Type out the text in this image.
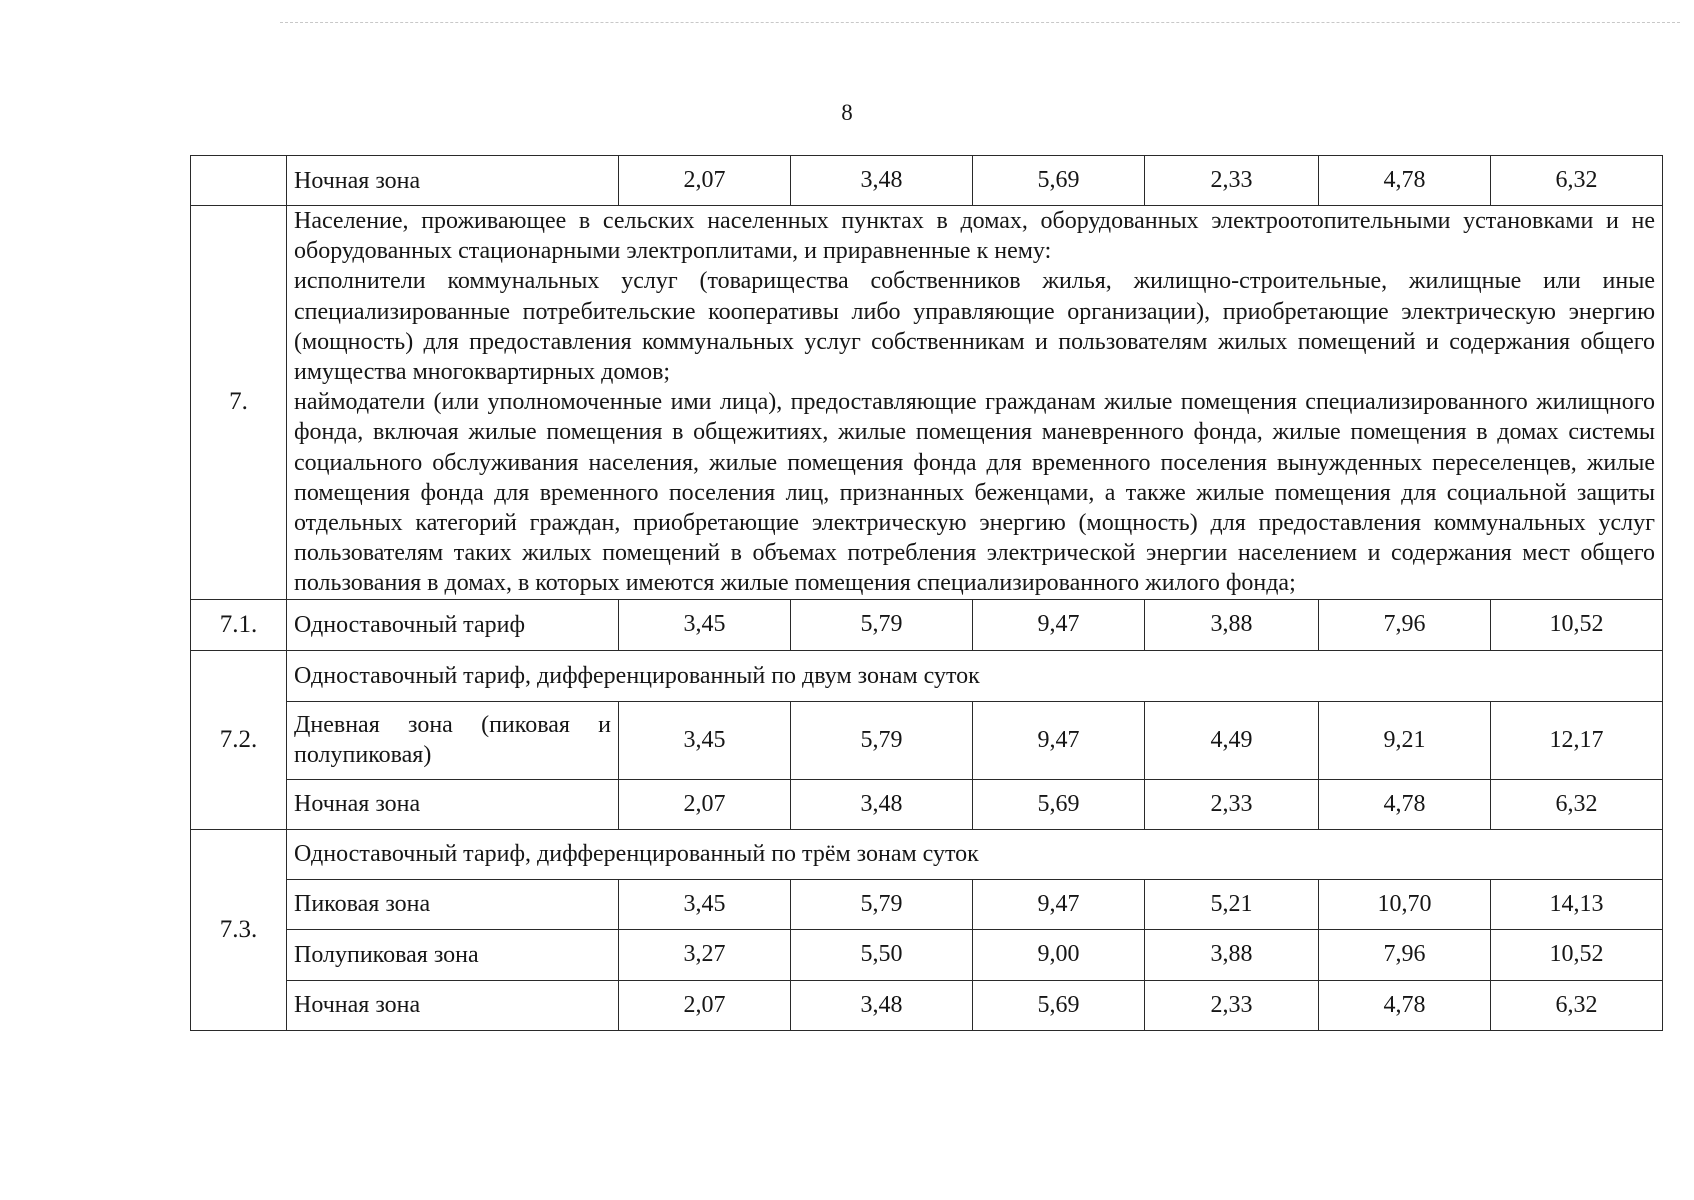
8
	Ночная зона	2,07	3,48	5,69	2,33	4,78	6,32
7.	Население, проживающее в сельских населенных пунктах в домах, оборудованных электроотопительными установками и не оборудованных стационарными электроплитами, и приравненные к нему:
исполнители коммунальных услуг (товарищества собственников жилья, жилищно-строительные, жилищные или иные специализированные потребительские кооперативы либо управляющие организации), приобретающие электрическую энергию (мощность) для предоставления коммунальных услуг собственникам и пользователям жилых помещений и содержания общего имущества многоквартирных домов;
наймодатели (или уполномоченные ими лица), предоставляющие гражданам жилые помещения специализированного жилищного фонда, включая жилые помещения в общежитиях, жилые помещения маневренного фонда, жилые помещения в домах системы социального обслуживания населения, жилые помещения фонда для временного поселения вынужденных переселенцев, жилые помещения фонда для временного поселения лиц, признанных беженцами, а также жилые помещения для социальной защиты отдельных категорий граждан, приобретающие электрическую энергию (мощность) для предоставления коммунальных услуг пользователям таких жилых помещений в объемах потребления электрической энергии населением и содержания мест общего пользования в домах, в которых имеются жилые помещения специализированного жилого фонда;						

7.1.	Одноставочный тариф	3,45	5,79	9,47	3,88	7,96	10,52
7.2.	Одноставочный тариф, дифференцированный по двум зонам суток						
	Дневная зона (пиковая и полупиковая)	3,45	5,79	9,47	4,49	9,21	12,17
	Ночная зона	2,07	3,48	5,69	2,33	4,78	6,32
7.3.	Одноставочный тариф, дифференцированный по трём зонам суток						
	Пиковая зона	3,45	5,79	9,47	5,21	10,70	14,13
	Полупиковая зона	3,27	5,50	9,00	3,88	7,96	10,52
	Ночная зона	2,07	3,48	5,69	2,33	4,78	6,32
